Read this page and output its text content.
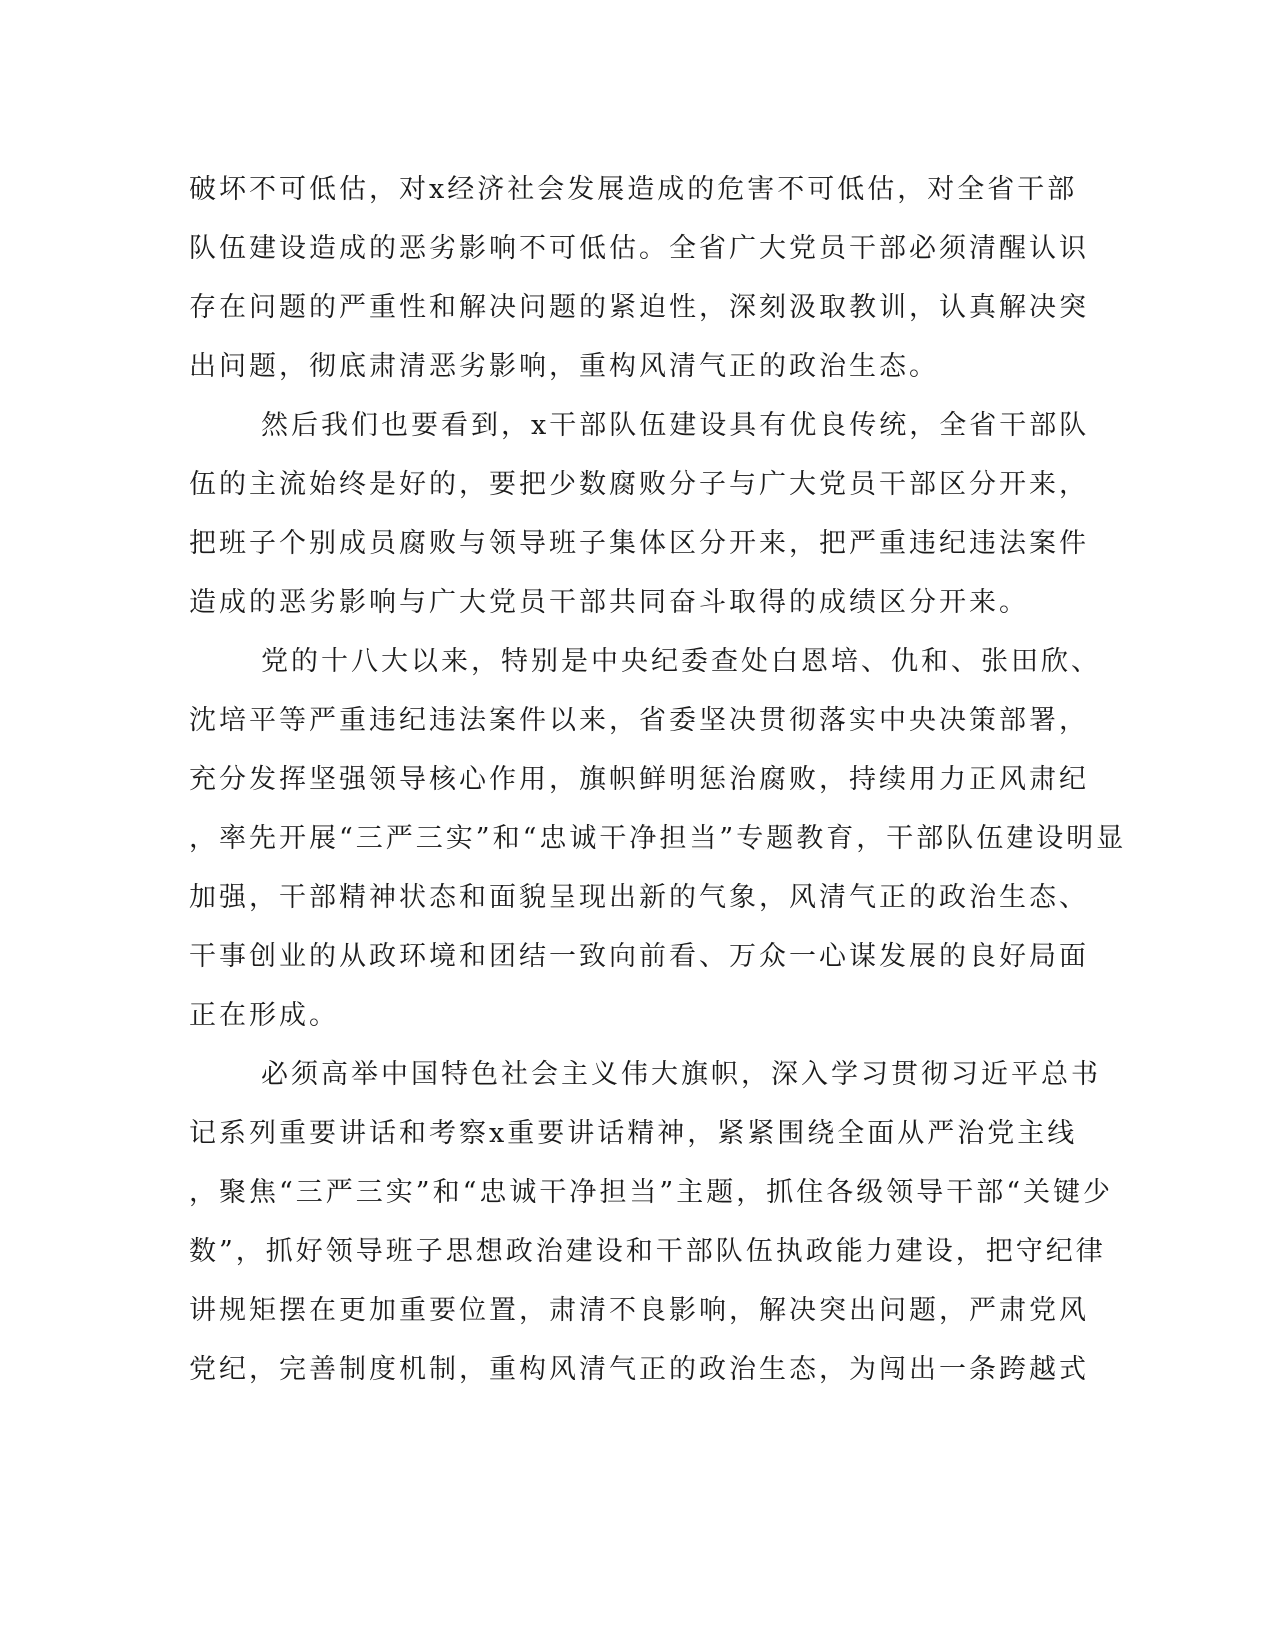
破坏不可低估，对x经济社会发展造成的危害不可低估，对全省干部
队伍建设造成的恶劣影响不可低估。全省广大党员干部必须清醒认识
存在问题的严重性和解决问题的紧迫性，深刻汲取教训，认真解决突
出问题，彻底肃清恶劣影响，重构风清气正的政治生态。
然后我们也要看到，x干部队伍建设具有优良传统，全省干部队
伍的主流始终是好的，要把少数腐败分子与广大党员干部区分开来，
把班子个别成员腐败与领导班子集体区分开来，把严重违纪违法案件
造成的恶劣影响与广大党员干部共同奋斗取得的成绩区分开来。
党的十八大以来，特别是中央纪委查处白恩培、仇和、张田欣、
沈培平等严重违纪违法案件以来，省委坚决贯彻落实中央决策部署，
充分发挥坚强领导核心作用，旗帜鲜明惩治腐败，持续用力正风肃纪
，率先开展“三严三实”和“忠诚干净担当”专题教育，干部队伍建设明显
加强，干部精神状态和面貌呈现出新的气象，风清气正的政治生态、
干事创业的从政环境和团结一致向前看、万众一心谋发展的良好局面
正在形成。
必须高举中国特色社会主义伟大旗帜，深入学习贯彻习近平总书
记系列重要讲话和考察x重要讲话精神，紧紧围绕全面从严治党主线
，聚焦“三严三实”和“忠诚干净担当”主题，抓住各级领导干部“关键少
数”，抓好领导班子思想政治建设和干部队伍执政能力建设，把守纪律
讲规矩摆在更加重要位置，肃清不良影响，解决突出问题，严肃党风
党纪，完善制度机制，重构风清气正的政治生态，为闯出一条跨越式
